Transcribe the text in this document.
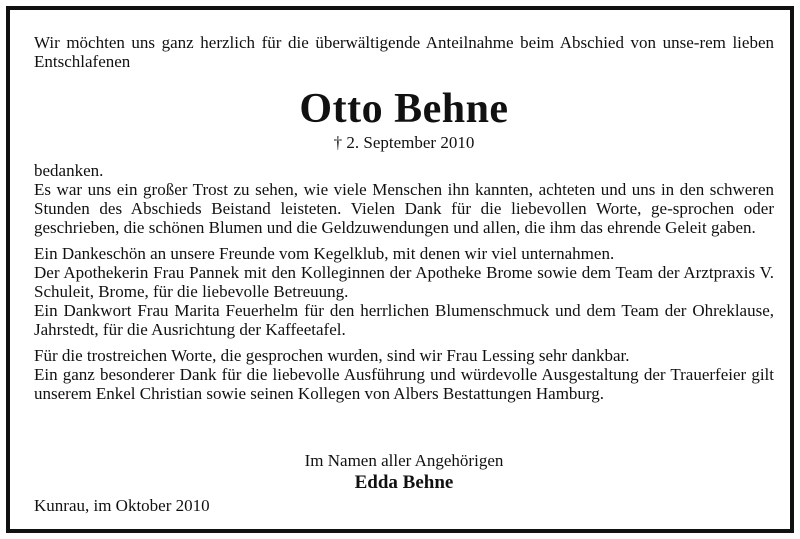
Wir möchten uns ganz herzlich für die überwältigende Anteilnahme beim Abschied von unse-rem lieben Entschlafenen

Otto Behne

† 2. September 2010

bedanken.

Es war uns ein großer Trost zu sehen, wie viele Menschen ihn kannten, achteten und uns in den schweren Stunden des Abschieds Beistand leisteten. Vielen Dank für die liebevollen Worte, ge-sprochen oder geschrieben, die schönen Blumen und die Geldzuwendungen und allen, die ihm das ehrende Geleit gaben.

Ein Dankeschön an unsere Freunde vom Kegelklub, mit denen wir viel unternahmen.

Der Apothekerin Frau Pannek mit den Kolleginnen der Apotheke Brome sowie dem Team der Arztpraxis V. Schuleit, Brome, für die liebevolle Betreuung.

Ein Dankwort Frau Marita Feuerhelm für den herrlichen Blumenschmuck und dem Team der Ohreklause, Jahrstedt, für die Ausrichtung der Kaffeetafel.

Für die trostreichen Worte, die gesprochen wurden, sind wir Frau Lessing sehr dankbar.

Ein ganz besonderer Dank für die liebevolle Ausführung und würdevolle Ausgestaltung der Trauerfeier gilt unserem Enkel Christian sowie seinen Kollegen von Albers Bestattungen Hamburg.

Im Namen aller Angehörigen

Edda Behne

Kunrau, im Oktober 2010
